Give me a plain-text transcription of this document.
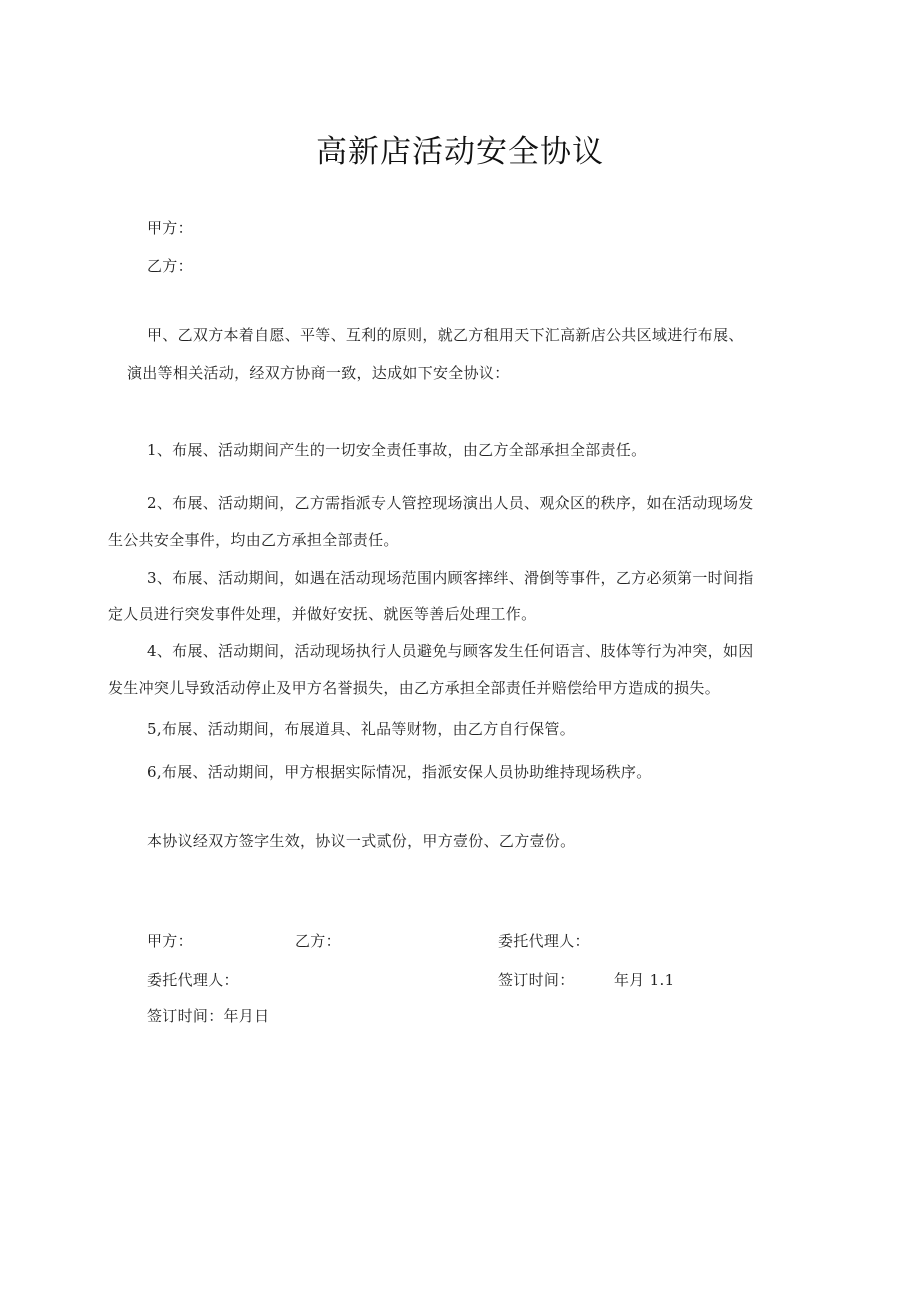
高新店活动安全协议
甲方：
乙方：
甲、乙双方本着自愿、平等、互利的原则，就乙方租用天下汇高新店公共区域进行布展、
演出等相关活动，经双方协商一致，达成如下安全协议：
1、布展、活动期间产生的一切安全责任事故，由乙方全部承担全部责任。
2、布展、活动期间，乙方需指派专人管控现场演出人员、观众区的秩序，如在活动现场发
生公共安全事件，均由乙方承担全部责任。
3、布展、活动期间，如遇在活动现场范围内顾客摔绊、滑倒等事件，乙方必须第一时间指
定人员进行突发事件处理，并做好安抚、就医等善后处理工作。
4、布展、活动期间，活动现场执行人员避免与顾客发生任何语言、肢体等行为冲突，如因
发生冲突儿导致活动停止及甲方名誉损失，由乙方承担全部责任并赔偿给甲方造成的损失。
5,布展、活动期间，布展道具、礼品等财物，由乙方自行保管。
6,布展、活动期间，甲方根据实际情况，指派安保人员协助维持现场秩序。
本协议经双方签字生效，协议一式贰份，甲方壹份、乙方壹份。
甲方：	乙方：	委托代理人：
委托代理人：	签订时间：	年月 1.1
签订时间：年月日
